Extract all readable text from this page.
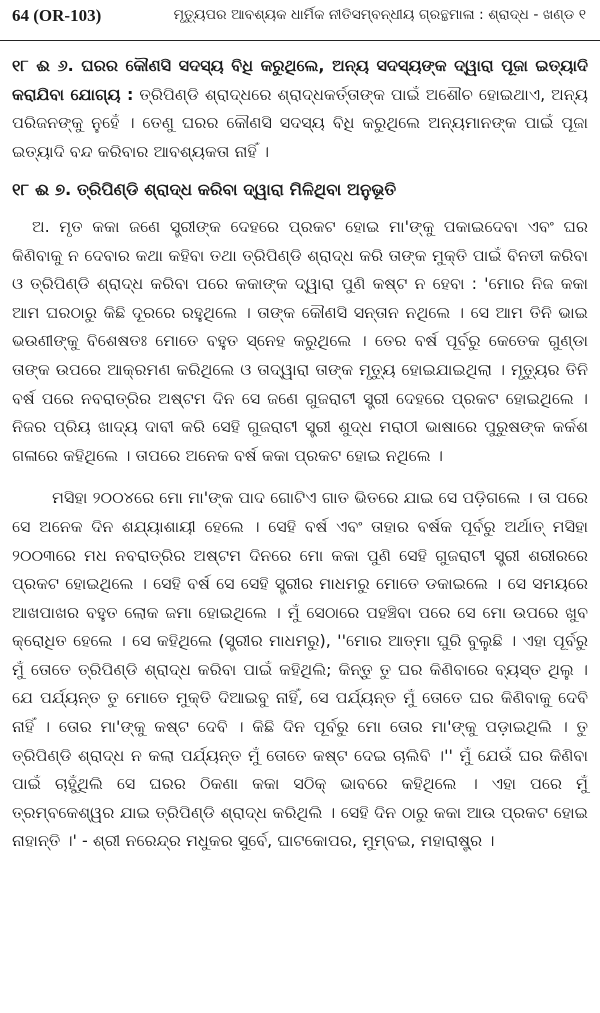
64 (OR-103)	ମୃତ୍ୟୁପର ଆବଶ୍ୟକ ଧାର୍ମିକ ନୀତିସମ୍ବନ୍ଧୀୟ ଗ୍ରନ୍ଥମାଳା : ଶ୍ରାଦ୍ଧ - ଖଣ୍ଡ ୧

୧୮ ଈ ୬. ଘରର କୌଣସି ସଦସ୍ୟ ବିଧି କରୁଥିଲେ, ଅନ୍ୟ ସଦସ୍ୟଙ୍କ ଦ୍ୱାରା ପୂଜା ଇତ୍ୟାଦି କରାଯିବା ଯୋଗ୍ୟ : ତ୍ରିପିଣ୍ଡି ଶ୍ରାଦ୍ଧରେ ଶ୍ରାଦ୍ଧକର୍ତ୍ତାଙ୍କ ପାଇଁ ଅଶୌଚ ହୋଇଥାଏ, ଅନ୍ୟ ପରିଜନଙ୍କୁ ନୁହେଁ । ତେଣୁ ଘରର କୌଣସି ସଦସ୍ୟ ବିଧି କରୁଥିଲେ ଅନ୍ୟମାନଙ୍କ ପାଇଁ ପୂଜା ଇତ୍ୟାଦି ବନ୍ଦ କରିବାର ଆବଶ୍ୟକତା ନାହିଁ ।

୧୮ ଈ ୭. ତ୍ରିପିଣ୍ଡି ଶ୍ରାଦ୍ଧ କରିବା ଦ୍ୱାରା ମିଳିଥିବା ଅନୁଭୂତି

ଅ. ମୃତ କକା ଜଣେ ସ୍ତ୍ରୀଙ୍କ ଦେହରେ ପ୍ରକଟ ହୋଇ ମା'ଙ୍କୁ ପକାଇଦେବା ଏବଂ ଘର କିଣିବାକୁ ନ ଦେବାର କଥା କହିବା ତଥା ତ୍ରିପିଣ୍ଡି ଶ୍ରାଦ୍ଧ କରି ତାଙ୍କ ମୁକ୍ତି ପାଇଁ ବିନତୀ କରିବା ଓ ତ୍ରିପିଣ୍ଡି ଶ୍ରାଦ୍ଧ କରିବା ପରେ କକାଙ୍କ ଦ୍ୱାରା ପୁଣି କଷ୍ଟ ନ ହେବା : 'ମୋର ନିଜ କକା ଆମ ଘରଠାରୁ କିଛି ଦୂରରେ ରହୁଥିଲେ । ତାଙ୍କ କୌଣସି ସନ୍ତାନ ନଥିଲେ । ସେ ଆମ ତିନି ଭାଇ ଭଉଣୀଙ୍କୁ ବିଶେଷତଃ ମୋତେ ବହୁତ ସ୍ନେହ କରୁଥିଲେ । ତେର ବର୍ଷ ପୂର୍ବରୁ କେତେକ ଗୁଣ୍ଡା ତାଙ୍କ ଉପରେ ଆକ୍ରମଣ କରିଥିଲେ ଓ ତାଦ୍ୱାରା ତାଙ୍କ ମୃତ୍ୟୁ ହୋଇଯାଇଥିଲା । ମୃତ୍ୟୁର ତିନି ବର୍ଷ ପରେ ନବରାତ୍ରିର ଅଷ୍ଟମ ଦିନ ସେ ଜଣେ ଗୁଜରାଟୀ ସ୍ତ୍ରୀ ଦେହରେ ପ୍ରକଟ ହୋଇଥିଲେ । ନିଜର ପ୍ରିୟ ଖାଦ୍ୟ ଦାବୀ କରି ସେହି ଗୁଜରାଟୀ ସ୍ତ୍ରୀ ଶୁଦ୍ଧ ମରାଠୀ ଭାଷାରେ ପୁରୁଷଙ୍କ କର୍କଶ ଗଳାରେ କହିଥିଲେ । ତାପରେ ଅନେକ ବର୍ଷ କକା ପ୍ରକଟ ହୋଇ ନଥିଲେ ।

ମସିହା ୨୦୦୪ରେ ମୋ ମା'ଙ୍କ ପାଦ ଗୋଟିଏ ଗାତ ଭିତରେ ଯାଇ ସେ ପଡ଼ିଗଲେ । ତା ପରେ ସେ ଅନେକ ଦିନ ଶଯ୍ୟାଶାୟୀ ହେଲେ । ସେହି ବର୍ଷ ଏବଂ ତାହାର ବର୍ଷକ ପୂର୍ବରୁ ଅର୍ଥାତ୍ ମସିହା ୨୦୦୩ରେ ମଧ ନବରାତ୍ରିର ଅଷ୍ଟମ ଦିନରେ ମୋ କକା ପୁଣି ସେହି ଗୁଜରାଟୀ ସ୍ତ୍ରୀ ଶରୀରରେ ପ୍ରକଟ ହୋଇଥିଲେ । ସେହି ବର୍ଷ ସେ ସେହି ସ୍ତ୍ରୀର ମାଧମରୁ ମୋତେ ଡକାଇଲେ । ସେ ସମୟରେ ଆଖପାଖର ବହୁତ ଲୋକ ଜମା ହୋଇଥିଲେ । ମୁଁ ସେଠାରେ ପହଞ୍ଚିବା ପରେ ସେ ମୋ ଉପରେ ଖୁବ କ୍ରୋଧିତ ହେଲେ । ସେ କହିଥିଲେ (ସ୍ତ୍ରୀର ମାଧମରୁ), ''ମୋର ଆତ୍ମା ଘୁରି ବୁଲୁଛି । ଏହା ପୂର୍ବରୁ ମୁଁ ତୋତେ ତ୍ରିପିଣ୍ଡି ଶ୍ରାଦ୍ଧ କରିବା ପାଇଁ କହିଥିଲି; କିନ୍ତୁ ତୁ ଘର କିଣିବାରେ ବ୍ୟସ୍ତ ଥିଲୁ । ଯେ ପର୍ଯ୍ୟନ୍ତ ତୁ ମୋତେ ମୁକ୍ତି ଦିଆଇବୁ ନାହିଁ, ସେ ପର୍ଯ୍ୟନ୍ତ ମୁଁ ତୋତେ ଘର କିଣିବାକୁ ଦେବି ନାହିଁ । ତୋର ମା'ଙ୍କୁ କଷ୍ଟ ଦେବି । କିଛି ଦିନ ପୂର୍ବରୁ ମୋ ତୋର ମା'ଙ୍କୁ ପଡ଼ାଇଥିଲି । ତୁ ତ୍ରିପିଣ୍ଡି ଶ୍ରାଦ୍ଧ ନ କଲା ପର୍ଯ୍ୟନ୍ତ ମୁଁ ତୋତେ କଷ୍ଟ ଦେଇ ଚାଲିବି ।'' ମୁଁ ଯେଉଁ ଘର କିଣିବା ପାଇଁ ଚାହୁଁଥିଲି ସେ ଘରର ଠିକଣା କକା ସଠିକ୍ ଭାବରେ କହିଥିଲେ । ଏହା ପରେ ମୁଁ ତ୍ରମ୍ବକେଶ୍ୱର ଯାଇ ତ୍ରିପିଣ୍ଡି ଶ୍ରାଦ୍ଧ କରିଥିଲି । ସେହି ଦିନ ଠାରୁ କକା ଆଉ ପ୍ରକଟ ହୋଇ ନାହାନ୍ତି ।' - ଶ୍ରୀ ନରେନ୍ଦ୍ର ମଧୁକର ସୁର୍ବେ, ଘାଟକୋପର, ମୁମ୍ବଇ, ମହାରାଷ୍ଟ୍ର ।
